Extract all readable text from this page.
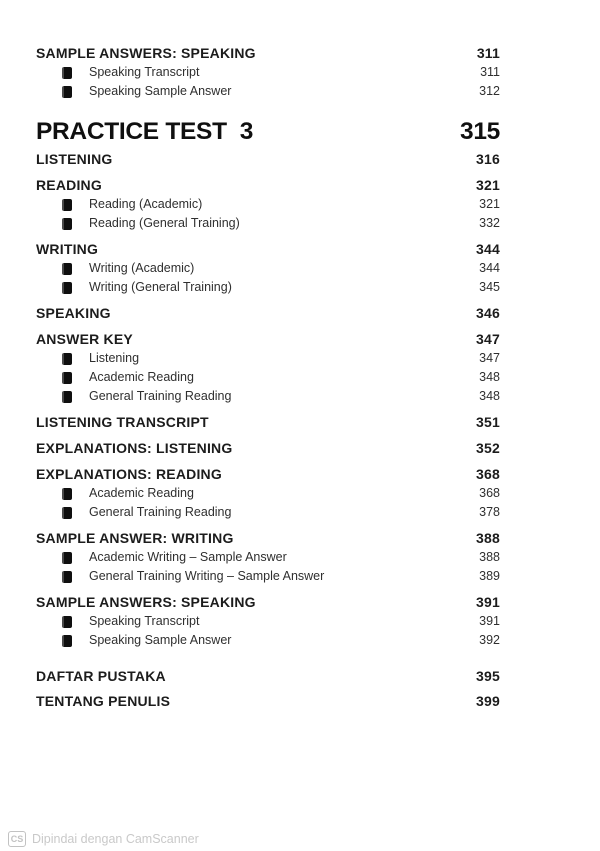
SAMPLE ANSWERS: SPEAKING	311
Speaking Transcript	311
Speaking Sample Answer	312
PRACTICE TEST  3	315
LISTENING	316
READING	321
Reading (Academic)	321
Reading (General Training)	332
WRITING	344
Writing (Academic)	344
Writing (General Training)	345
SPEAKING	346
ANSWER KEY	347
Listening	347
Academic Reading	348
General Training Reading	348
LISTENING TRANSCRIPT	351
EXPLANATIONS: LISTENING	352
EXPLANATIONS: READING	368
Academic Reading	368
General Training Reading	378
SAMPLE ANSWER: WRITING	388
Academic Writing – Sample Answer	388
General Training Writing – Sample Answer	389
SAMPLE ANSWERS: SPEAKING	391
Speaking Transcript	391
Speaking Sample Answer	392
DAFTAR PUSTAKA	395
TENTANG PENULIS	399
CS Dipindai dengan CamScanner
